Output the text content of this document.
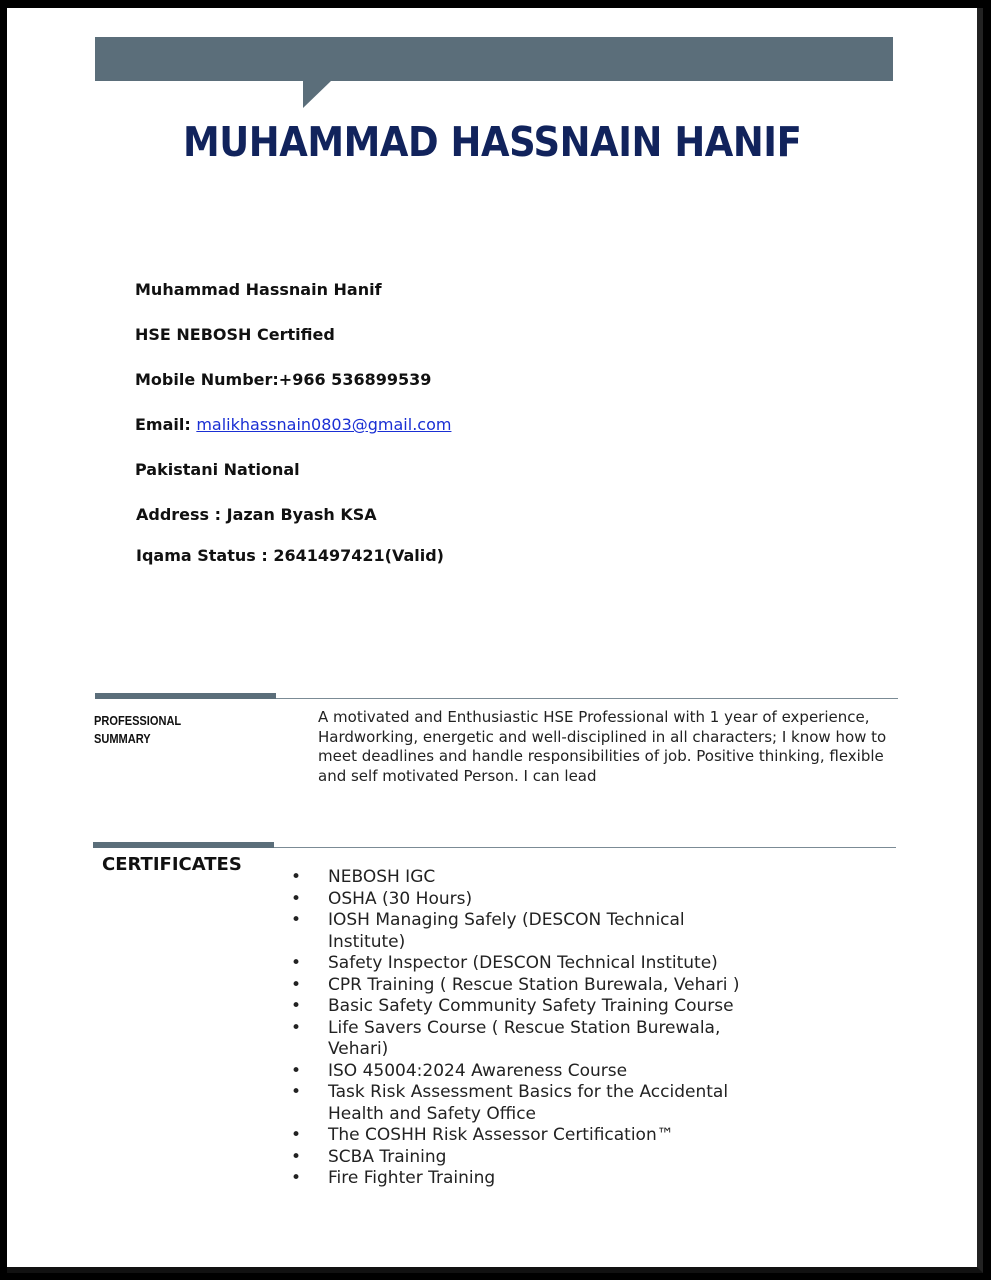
MUHAMMAD HASSNAIN HANIF
Muhammad Hassnain Hanif
HSE NEBOSH Certified
Mobile Number:+966 536899539
Email: malikhassnain0803@gmail.com
Pakistani National
Address : Jazan Byash KSA
Iqama Status : 2641497421(Valid)
PROFESSIONAL
SUMMARY
A motivated and Enthusiastic HSE Professional with 1 year of experience, Hardworking, energetic and well-disciplined in all characters; I know how to meet deadlines and handle responsibilities of job. Positive thinking, flexible and self motivated Person. I can lead
CERTIFICATES
• NEBOSH IGC
• OSHA (30 Hours)
• IOSH Managing Safely (DESCON Technical Institute)
• Safety Inspector (DESCON Technical Institute)
• CPR Training ( Rescue Station Burewala, Vehari )
• Basic Safety Community Safety Training Course
• Life Savers Course ( Rescue Station Burewala, Vehari)
• ISO 45004:2024 Awareness Course
• Task Risk Assessment Basics for the Accidental Health and Safety Office
• The COSHH Risk Assessor Certification™
• SCBA Training
• Fire Fighter Training
